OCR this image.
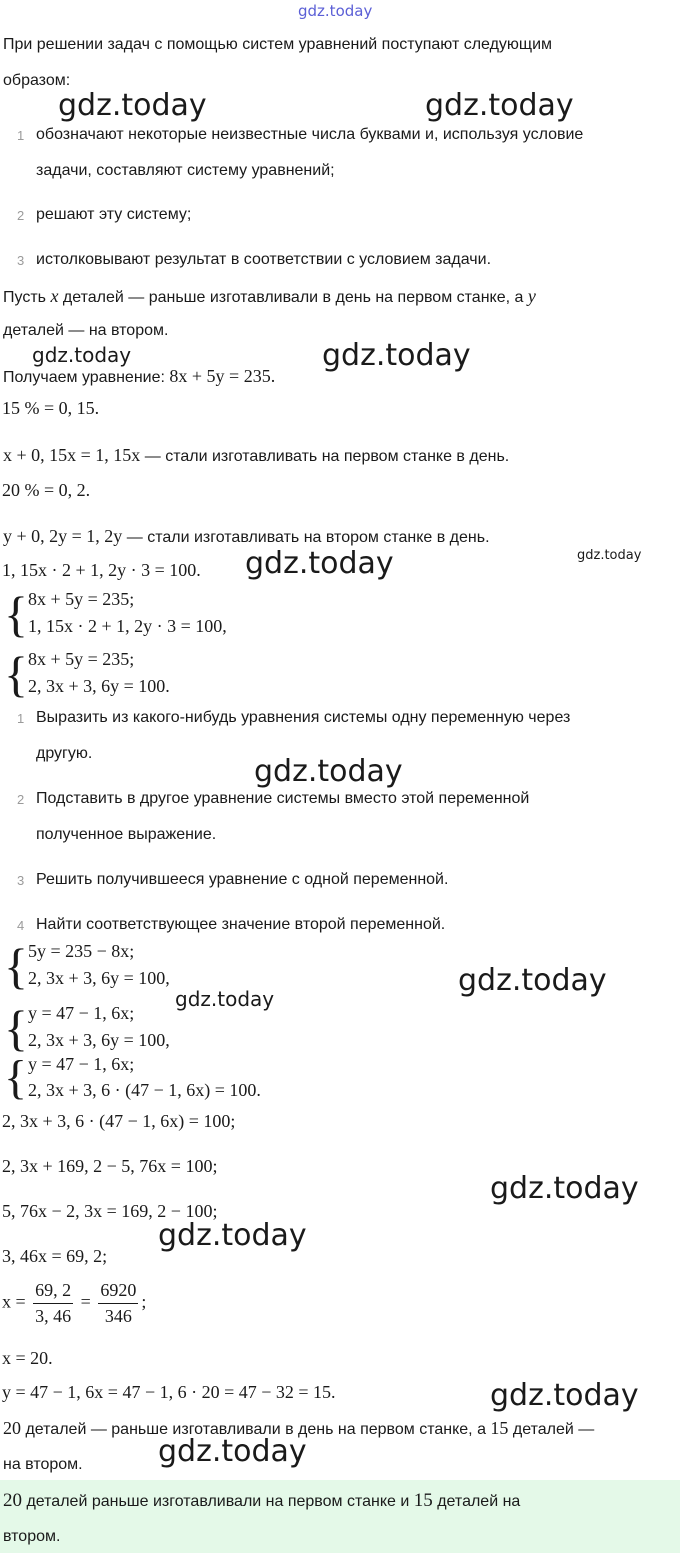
gdz.today
gdz.today	gdz.today
gdz.today	gdz.today
gdz.today
gdz.today
gdz.today
gdz.today
gdz.today
gdz.today
gdz.today
gdz.today
gdz.today
При решении задач с помощью систем уравнений поступают следующим
образом:
1 обозначают некоторые неизвестные числа буквами и, используя условие
задачи, составляют систему уравнений;
2 решают эту систему;
3 истолковывают результат в соответствии с условием задачи.
Пусть x деталей — раньше изготавливали в день на первом станке, а y
деталей — на втором.
Получаем уравнение: 8x + 5y = 235.
15 % = 0, 15.
x + 0, 15x = 1, 15x — стали изготавливать на первом станке в день.
20 % = 0, 2.
y + 0, 2y = 1, 2y — стали изготавливать на втором станке в день.
1, 15x · 2 + 1, 2y · 3 = 100.
{ 8x + 5y = 235;
1, 15x · 2 + 1, 2y · 3 = 100,
{ 8x + 5y = 235;
2, 3x + 3, 6y = 100.
1 Выразить из какого-нибудь уравнения системы одну переменную через
другую.
2 Подставить в другое уравнение системы вместо этой переменной
полученное выражение.
3 Решить получившееся уравнение с одной переменной.
4 Найти соответствующее значение второй переменной.
{ 5y = 235 − 8x;
2, 3x + 3, 6y = 100,
{ y = 47 − 1, 6x;
2, 3x + 3, 6y = 100,
{ y = 47 − 1, 6x;
2, 3x + 3, 6 · (47 − 1, 6x) = 100.
2, 3x + 3, 6 · (47 − 1, 6x) = 100;
2, 3x + 169, 2 − 5, 76x = 100;
5, 76x − 2, 3x = 169, 2 − 100;
3, 46x = 69, 2;
$x = \frac{69, 2}{3, 46} = \frac{6920}{346}$ ;
x = 20.
y = 47 − 1, 6x = 47 − 1, 6 · 20 = 47 − 32 = 15.
20 деталей — раньше изготавливали в день на первом станке, а 15 деталей —
на втором.
20 деталей раньше изготавливали на первом станке и 15 деталей на
втором.
